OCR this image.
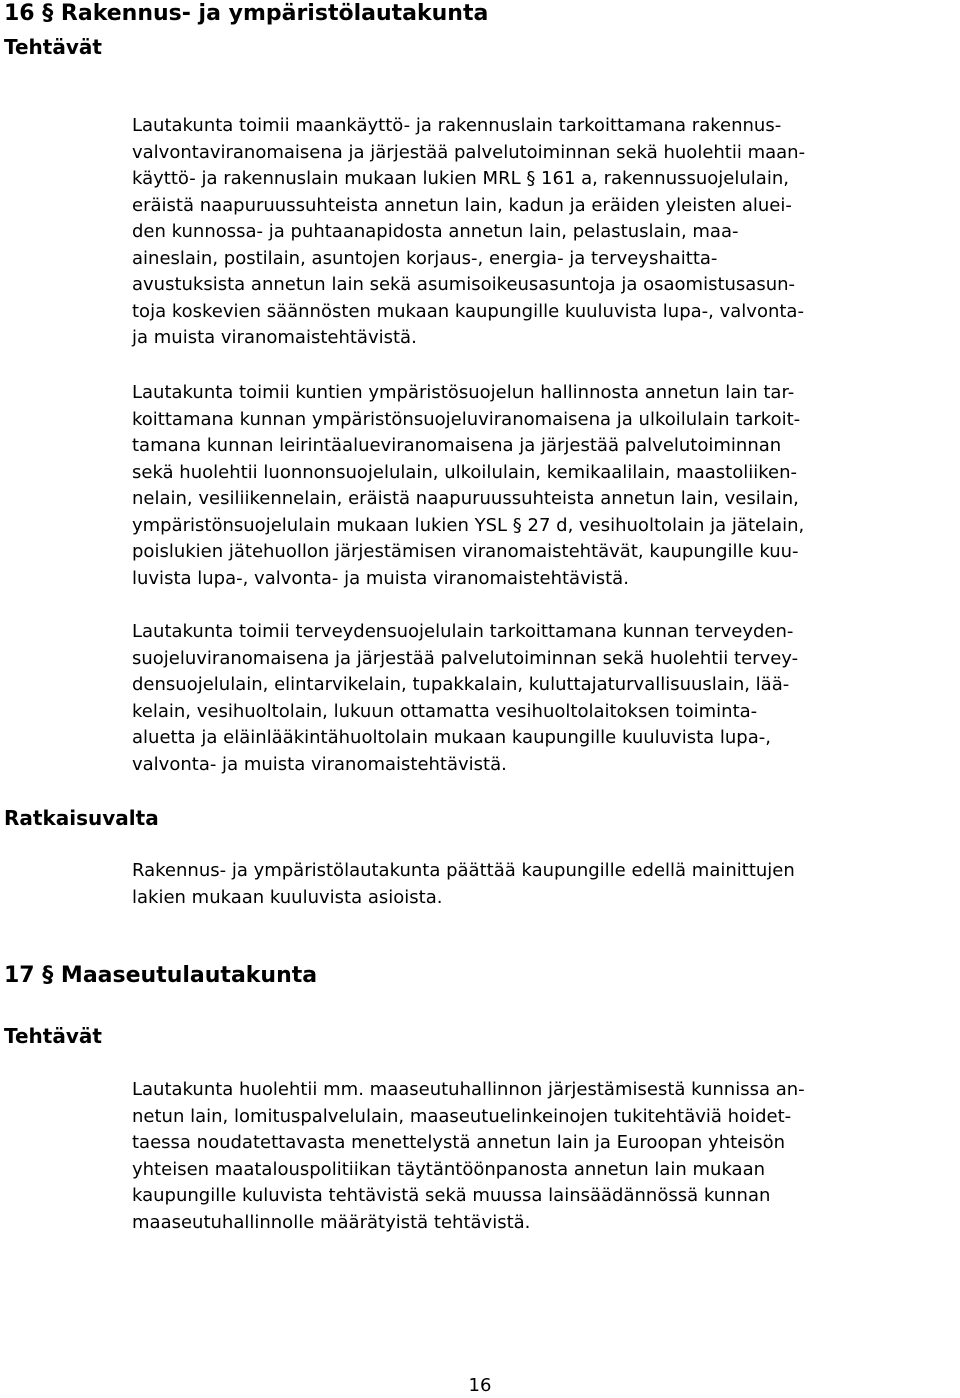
16 § Rakennus- ja ympäristölautakunta
Tehtävät
Lautakunta toimii maankäyttö- ja rakennuslain tarkoittamana rakennus-
valvontaviranomaisena ja järjestää palvelutoiminnan sekä huolehtii maan-
käyttö- ja rakennuslain mukaan lukien MRL § 161 a, rakennussuojelulain,
eräistä naapuruussuhteista annetun lain, kadun ja eräiden yleisten aluei-
den kunnossa- ja puhtaanapidosta annetun lain, pelastuslain, maa-
aineslain, postilain, asuntojen korjaus-, energia- ja terveyshaitta-
avustuksista annetun lain sekä asumisoikeusasuntoja ja osaomistusasun-
toja koskevien säännösten mukaan kaupungille kuuluvista lupa-, valvonta-
ja muista viranomaistehtävistä.
Lautakunta toimii kuntien ympäristösuojelun hallinnosta annetun lain tar-
koittamana kunnan ympäristönsuojeluviranomaisena ja ulkoilulain tarkoit-
tamana kunnan leirintäalueviranomaisena ja järjestää palvelutoiminnan
sekä huolehtii luonnonsuojelulain, ulkoilulain, kemikaalilain, maastoliiken-
nelain, vesiliikennelain, eräistä naapuruussuhteista annetun lain, vesilain,
ympäristönsuojelulain mukaan lukien YSL § 27 d, vesihuoltolain ja jätelain,
poislukien jätehuollon järjestämisen viranomaistehtävät, kaupungille kuu-
luvista lupa-, valvonta- ja muista viranomaistehtävistä.
Lautakunta toimii terveydensuojelulain tarkoittamana kunnan terveyden-
suojeluviranomaisena ja järjestää palvelutoiminnan sekä huolehtii tervey-
densuojelulain, elintarvikelain, tupakkalain, kuluttajaturvallisuuslain, lää-
kelain, vesihuoltolain, lukuun ottamatta vesihuoltolaitoksen toiminta-
aluetta ja eläinlääkintähuoltolain mukaan kaupungille kuuluvista lupa-,
valvonta- ja muista viranomaistehtävistä.
Ratkaisuvalta
Rakennus- ja ympäristölautakunta päättää kaupungille edellä mainittujen
lakien mukaan kuuluvista asioista.
17 § Maaseutulautakunta
Tehtävät
Lautakunta huolehtii mm. maaseutuhallinnon järjestämisestä kunnissa an-
netun lain, lomituspalvelulain, maaseutuelinkeinojen tukitehtäviä hoidet-
taessa noudatettavasta menettelystä annetun lain ja Euroopan yhteisön
yhteisen maatalouspolitiikan täytäntöönpanosta annetun lain mukaan
kaupungille kuluvista tehtävistä sekä muussa lainsäädännössä kunnan
maaseutuhallinnolle määrätyistä tehtävistä.
16
